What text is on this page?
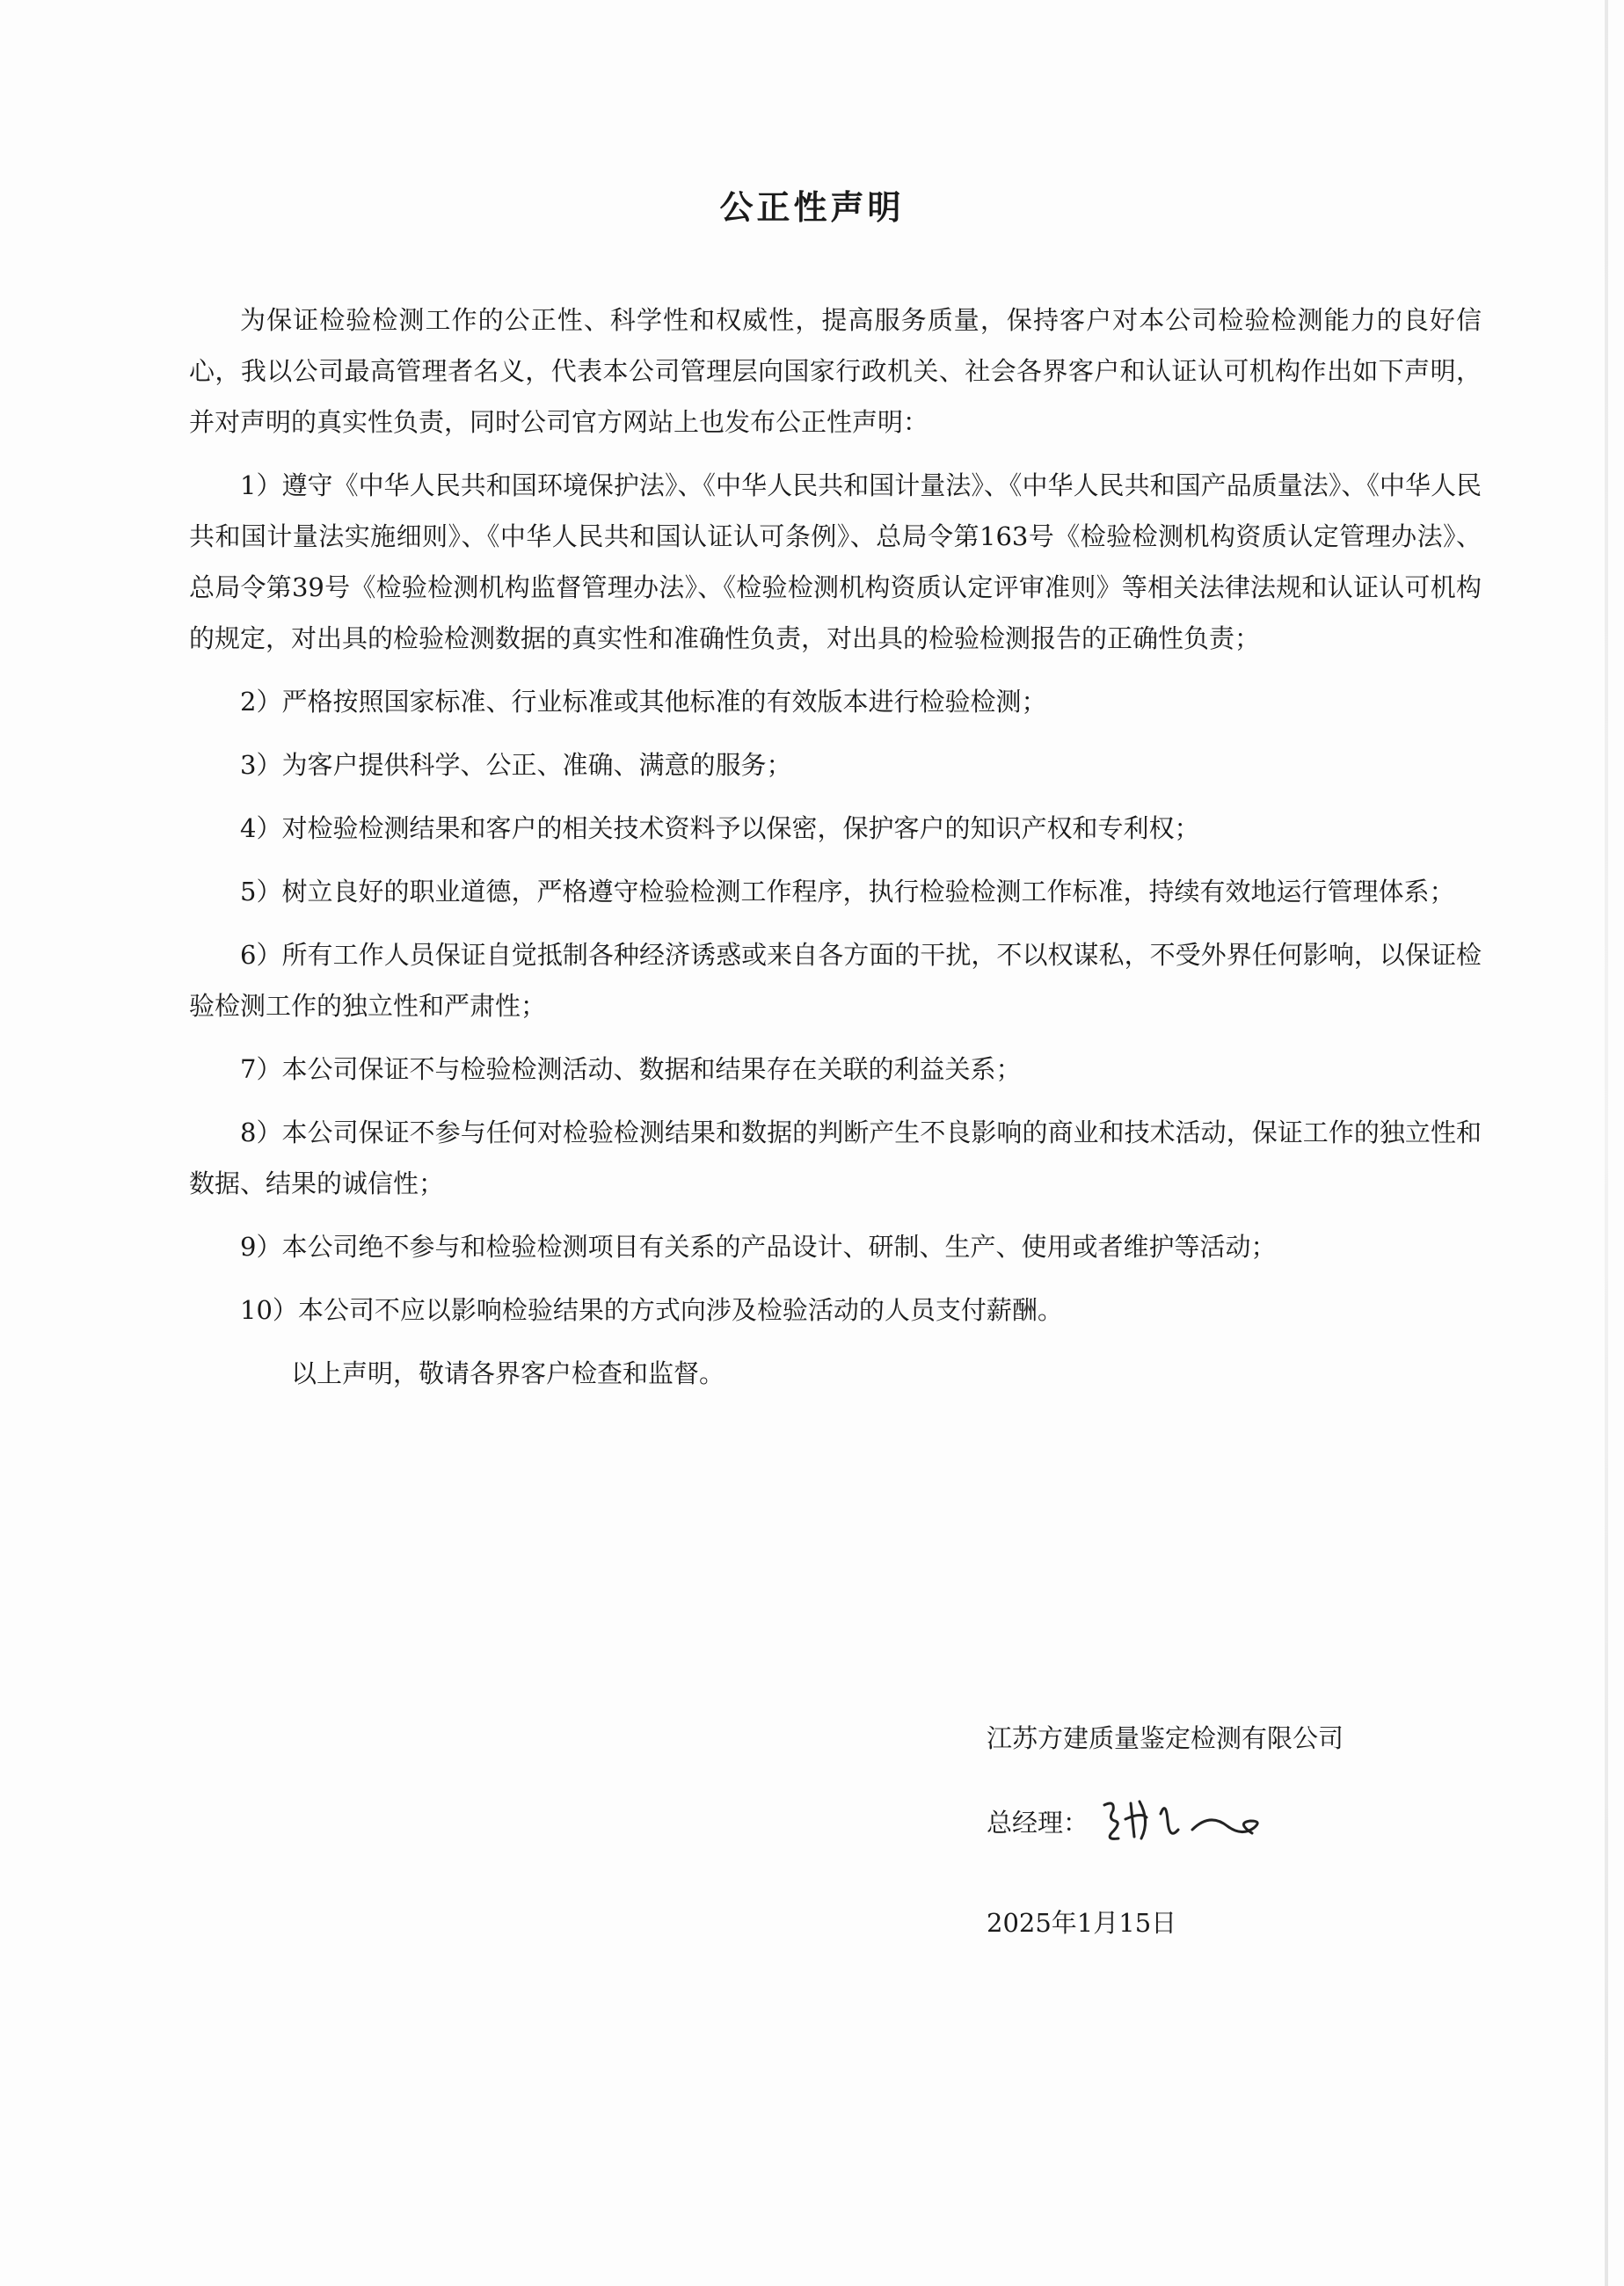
公正性声明

为保证检验检测工作的公正性、科学性和权威性，提高服务质量，保持客户对本公司检验检测能力的良好信心，我以公司最高管理者名义，代表本公司管理层向国家行政机关、社会各界客户和认证认可机构作出如下声明，并对声明的真实性负责，同时公司官方网站上也发布公正性声明：

1）遵守《中华人民共和国环境保护法》、《中华人民共和国计量法》、《中华人民共和国产品质量法》、《中华人民共和国计量法实施细则》、《中华人民共和国认证认可条例》、总局令第163号《检验检测机构资质认定管理办法》、总局令第39号《检验检测机构监督管理办法》、《检验检测机构资质认定评审准则》等相关法律法规和认证认可机构的规定，对出具的检验检测数据的真实性和准确性负责，对出具的检验检测报告的正确性负责；

2）严格按照国家标准、行业标准或其他标准的有效版本进行检验检测；

3）为客户提供科学、公正、准确、满意的服务；

4）对检验检测结果和客户的相关技术资料予以保密，保护客户的知识产权和专利权；

5）树立良好的职业道德，严格遵守检验检测工作程序，执行检验检测工作标准，持续有效地运行管理体系；

6）所有工作人员保证自觉抵制各种经济诱惑或来自各方面的干扰，不以权谋私，不受外界任何影响，以保证检验检测工作的独立性和严肃性；

7）本公司保证不与检验检测活动、数据和结果存在关联的利益关系；

8）本公司保证不参与任何对检验检测结果和数据的判断产生不良影响的商业和技术活动，保证工作的独立性和数据、结果的诚信性；

9）本公司绝不参与和检验检测项目有关系的产品设计、研制、生产、使用或者维护等活动；

10）本公司不应以影响检验结果的方式向涉及检验活动的人员支付薪酬。

以上声明，敬请各界客户检查和监督。

江苏方建质量鉴定检测有限公司
总经理：
2025年1月15日
